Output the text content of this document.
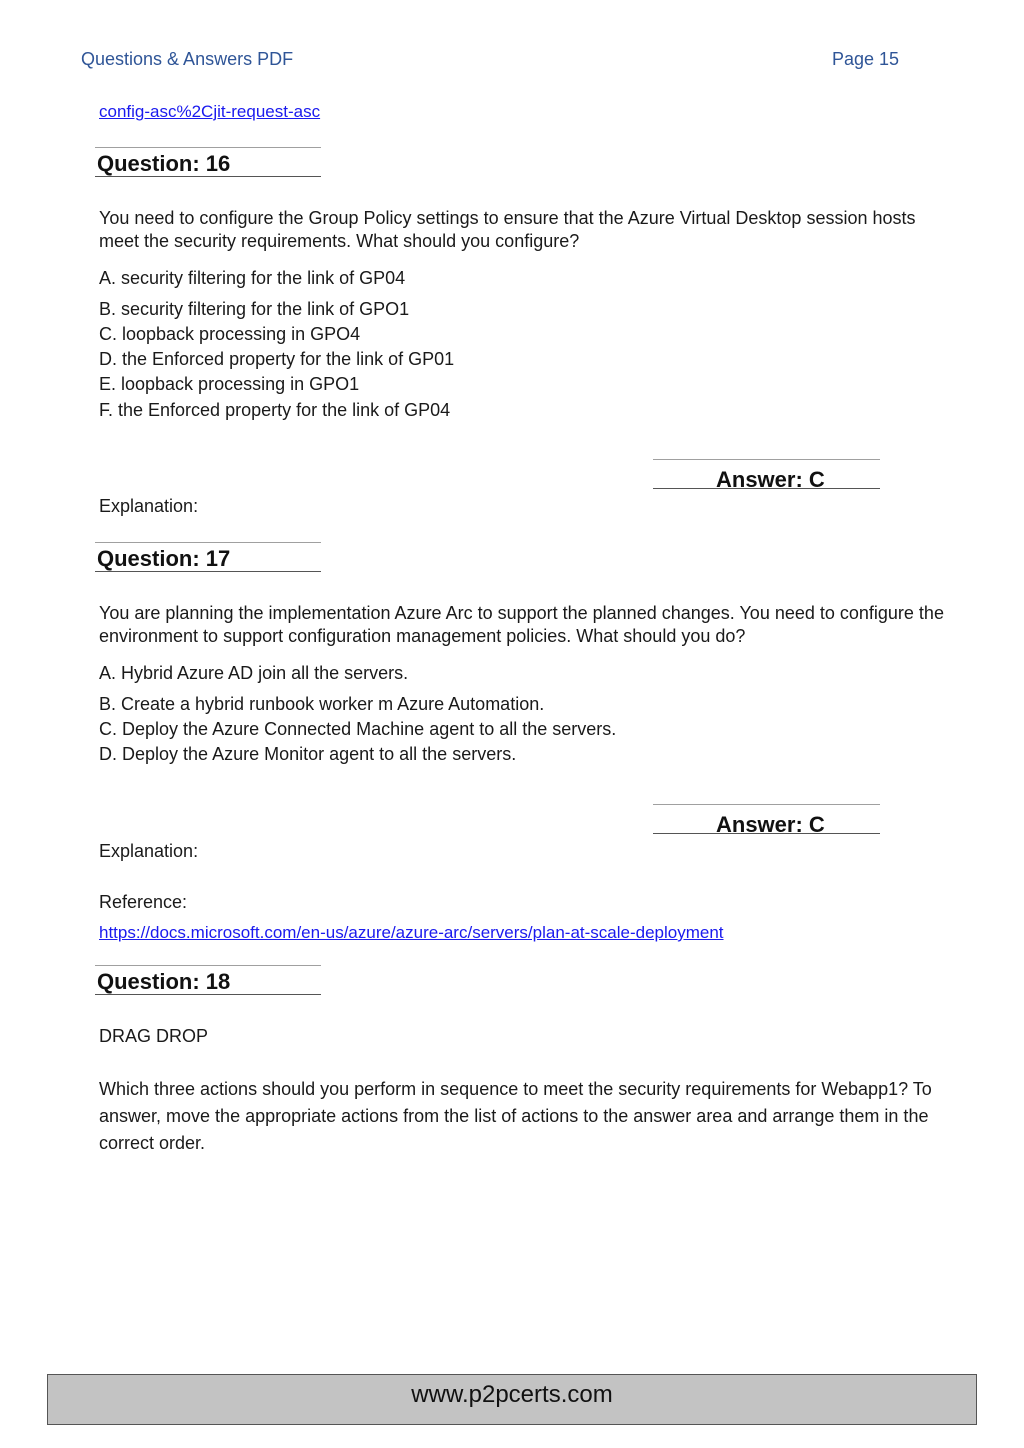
Questions & Answers PDF	Page 15
config-asc%2Cjit-request-asc
Question: 16
You need to configure the Group Policy settings to ensure that the Azure Virtual Desktop session hosts meet the security requirements. What should you configure?
A. security filtering for the link of GP04
B. security filtering for the link of GPO1
C. loopback processing in GPO4
D. the Enforced property for the link of GP01
E. loopback processing in GPO1
F. the Enforced property for the link of GP04
Answer: C
Explanation:
Question: 17
You are planning the implementation Azure Arc to support the planned changes. You need to configure the environment to support configuration management policies. What should you do?
A. Hybrid Azure AD join all the servers.
B. Create a hybrid runbook worker m Azure Automation.
C. Deploy the Azure Connected Machine agent to all the servers.
D. Deploy the Azure Monitor agent to all the servers.
Answer: C
Explanation:
Reference:
https://docs.microsoft.com/en-us/azure/azure-arc/servers/plan-at-scale-deployment
Question: 18
DRAG DROP
Which three actions should you perform in sequence to meet the security requirements for Webapp1? To answer, move the appropriate actions from the list of actions to the answer area and arrange them in the correct order.
www.p2pcerts.com
